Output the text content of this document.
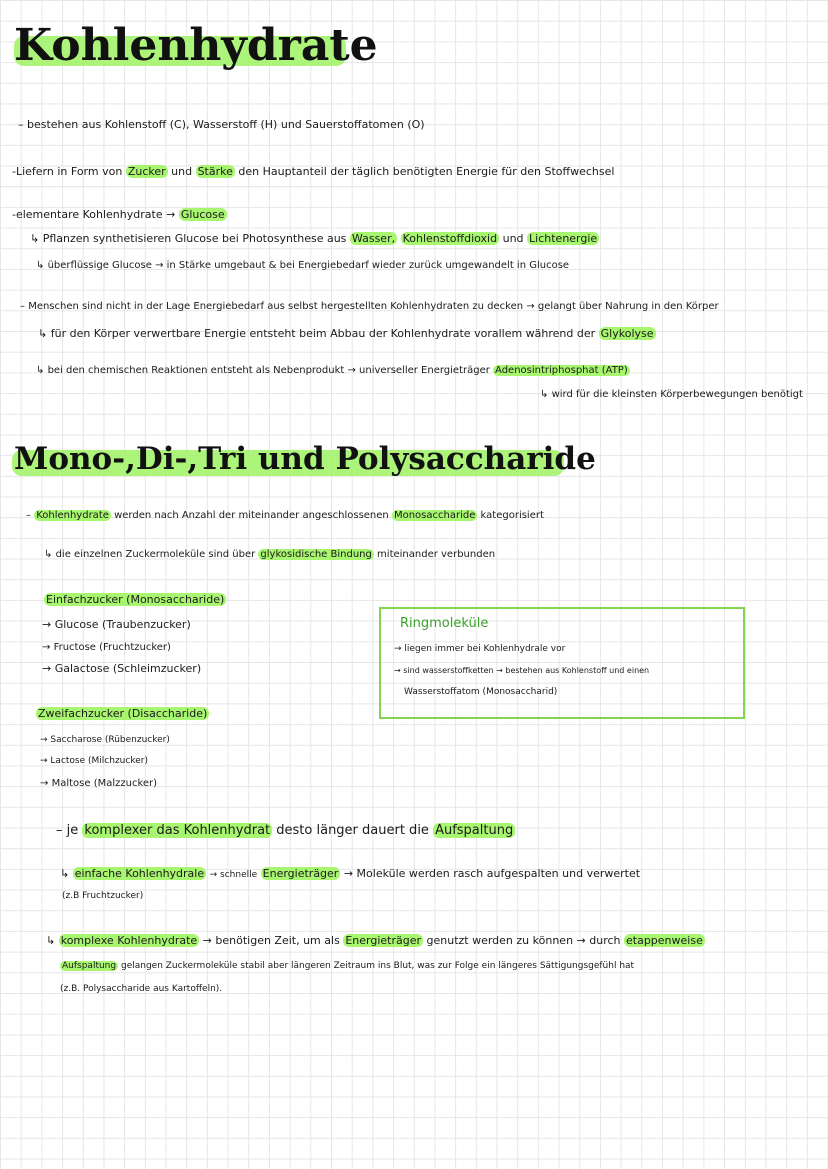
Kohlenhydrate
– bestehen aus Kohlenstoff (C), Wasserstoff (H) und Sauerstoffatomen (O)
-Liefern in Form von Zucker und Stärke den Hauptanteil der täglich benötigten Energie für den Stoffwechsel
-elementare Kohlenhydrate → Glucose
↳ Pflanzen synthetisieren Glucose bei Photosynthese aus Wasser, Kohlenstoffdioxid und Lichtenergie
↳ überflüssige Glucose → in Stärke umgebaut & bei Energiebedarf wieder zurück umgewandelt in Glucose
– Menschen sind nicht in der Lage Energiebedarf aus selbst hergestellten Kohlenhydraten zu decken → gelangt über Nahrung in den Körper
↳ für den Körper verwertbare Energie entsteht beim Abbau der Kohlenhydrate vorallem während der Glykolyse
↳ bei den chemischen Reaktionen entsteht als Nebenprodukt → universeller Energieträger Adenosintriphosphat (ATP)
↳ wird für die kleinsten Körperbewegungen benötigt
Mono-,Di-,Tri und Polysaccharide
– Kohlenhydrate werden nach Anzahl der miteinander angeschlossenen Monosaccharide kategorisiert
↳ die einzelnen Zuckermoleküle sind über glykosidische Bindung miteinander verbunden
Einfachzucker (Monosaccharide)
→ Glucose (Traubenzucker)
→ Fructose (Fruchtzucker)
→ Galactose (Schleimzucker)
Zweifachzucker (Disaccharide)
→ Saccharose (Rübenzucker)
→ Lactose (Milchzucker)
→ Maltose (Malzzucker)
Ringmoleküle
→ liegen immer bei Kohlenhydrale vor
→ sind wasserstoffketten → bestehen aus Kohlenstoff und einen
Wasserstoffatom (Monosaccharid)
– je komplexer das Kohlenhydrat desto länger dauert die Aufspaltung
↳ einfache Kohlenhydrale → schnelle Energieträger → Moleküle werden rasch aufgespalten und verwertet
(z.B Fruchtzucker)
↳ komplexe Kohlenhydrate → benötigen Zeit, um als Energieträger genutzt werden zu können → durch etappenweise
Aufspaltung gelangen Zuckermoleküle stabil aber längeren Zeitraum ins Blut, was zur Folge ein längeres Sättigungsgefühl hat
(z.B. Polysaccharide aus Kartoffeln).
